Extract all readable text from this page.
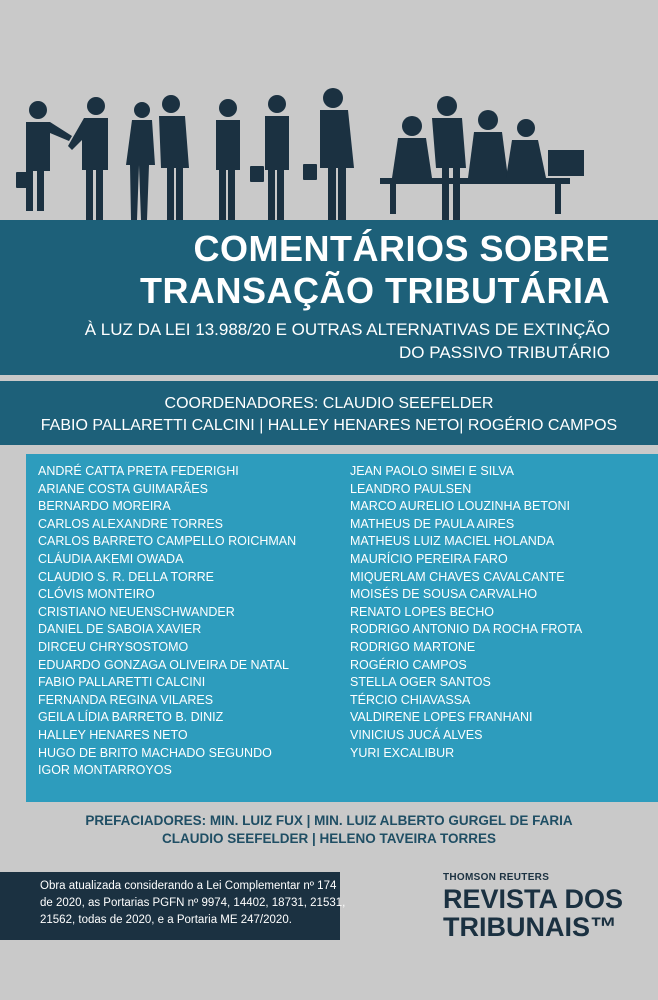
COMENTÁRIOS SOBRE
TRANSAÇÃO TRIBUTÁRIA
À LUZ DA LEI 13.988/20 E OUTRAS ALTERNATIVAS DE EXTINÇÃO
DO PASSIVO TRIBUTÁRIO
COORDENADORES: CLAUDIO SEEFELDER
FABIO PALLARETTI CALCINI | HALLEY HENARES NETO| ROGÉRIO CAMPOS
ANDRÉ CATTA PRETA FEDERIGHI
ARIANE COSTA GUIMARÃES
BERNARDO MOREIRA
CARLOS ALEXANDRE TORRES
CARLOS BARRETO CAMPELLO ROICHMAN
CLÁUDIA AKEMI OWADA
CLAUDIO S. R. DELLA TORRE
CLÓVIS MONTEIRO
CRISTIANO NEUENSCHWANDER
DANIEL DE SABOIA XAVIER
DIRCEU CHRYSOSTOMO
EDUARDO GONZAGA OLIVEIRA DE NATAL
FABIO PALLARETTI CALCINI
FERNANDA REGINA VILARES
GEILA LÍDIA BARRETO B. DINIZ
HALLEY HENARES NETO
HUGO DE BRITO MACHADO SEGUNDO
IGOR MONTARROYOS
JEAN PAOLO SIMEI E SILVA
LEANDRO PAULSEN
MARCO AURELIO LOUZINHA BETONI
MATHEUS DE PAULA AIRES
MATHEUS LUIZ MACIEL HOLANDA
MAURÍCIO PEREIRA FARO
MIQUERLAM CHAVES CAVALCANTE
MOISÉS DE SOUSA CARVALHO
RENATO LOPES BECHO
RODRIGO ANTONIO DA ROCHA FROTA
RODRIGO MARTONE
ROGÉRIO CAMPOS
STELLA OGER SANTOS
TÉRCIO CHIAVASSA
VALDIRENE LOPES FRANHANI
VINICIUS JUCÁ ALVES
YURI EXCALIBUR
PREFACIADORES: MIN. LUIZ FUX | MIN. LUIZ ALBERTO GURGEL DE FARIA
CLAUDIO SEEFELDER | HELENO TAVEIRA TORRES
Obra atualizada considerando a Lei Complementar nº 174
de 2020, as Portarias PGFN nº 9974, 14402, 18731, 21531,
21562, todas de 2020, e a Portaria ME 247/2020.
THOMSON REUTERS
REVISTA DOS
TRIBUNAIS™
